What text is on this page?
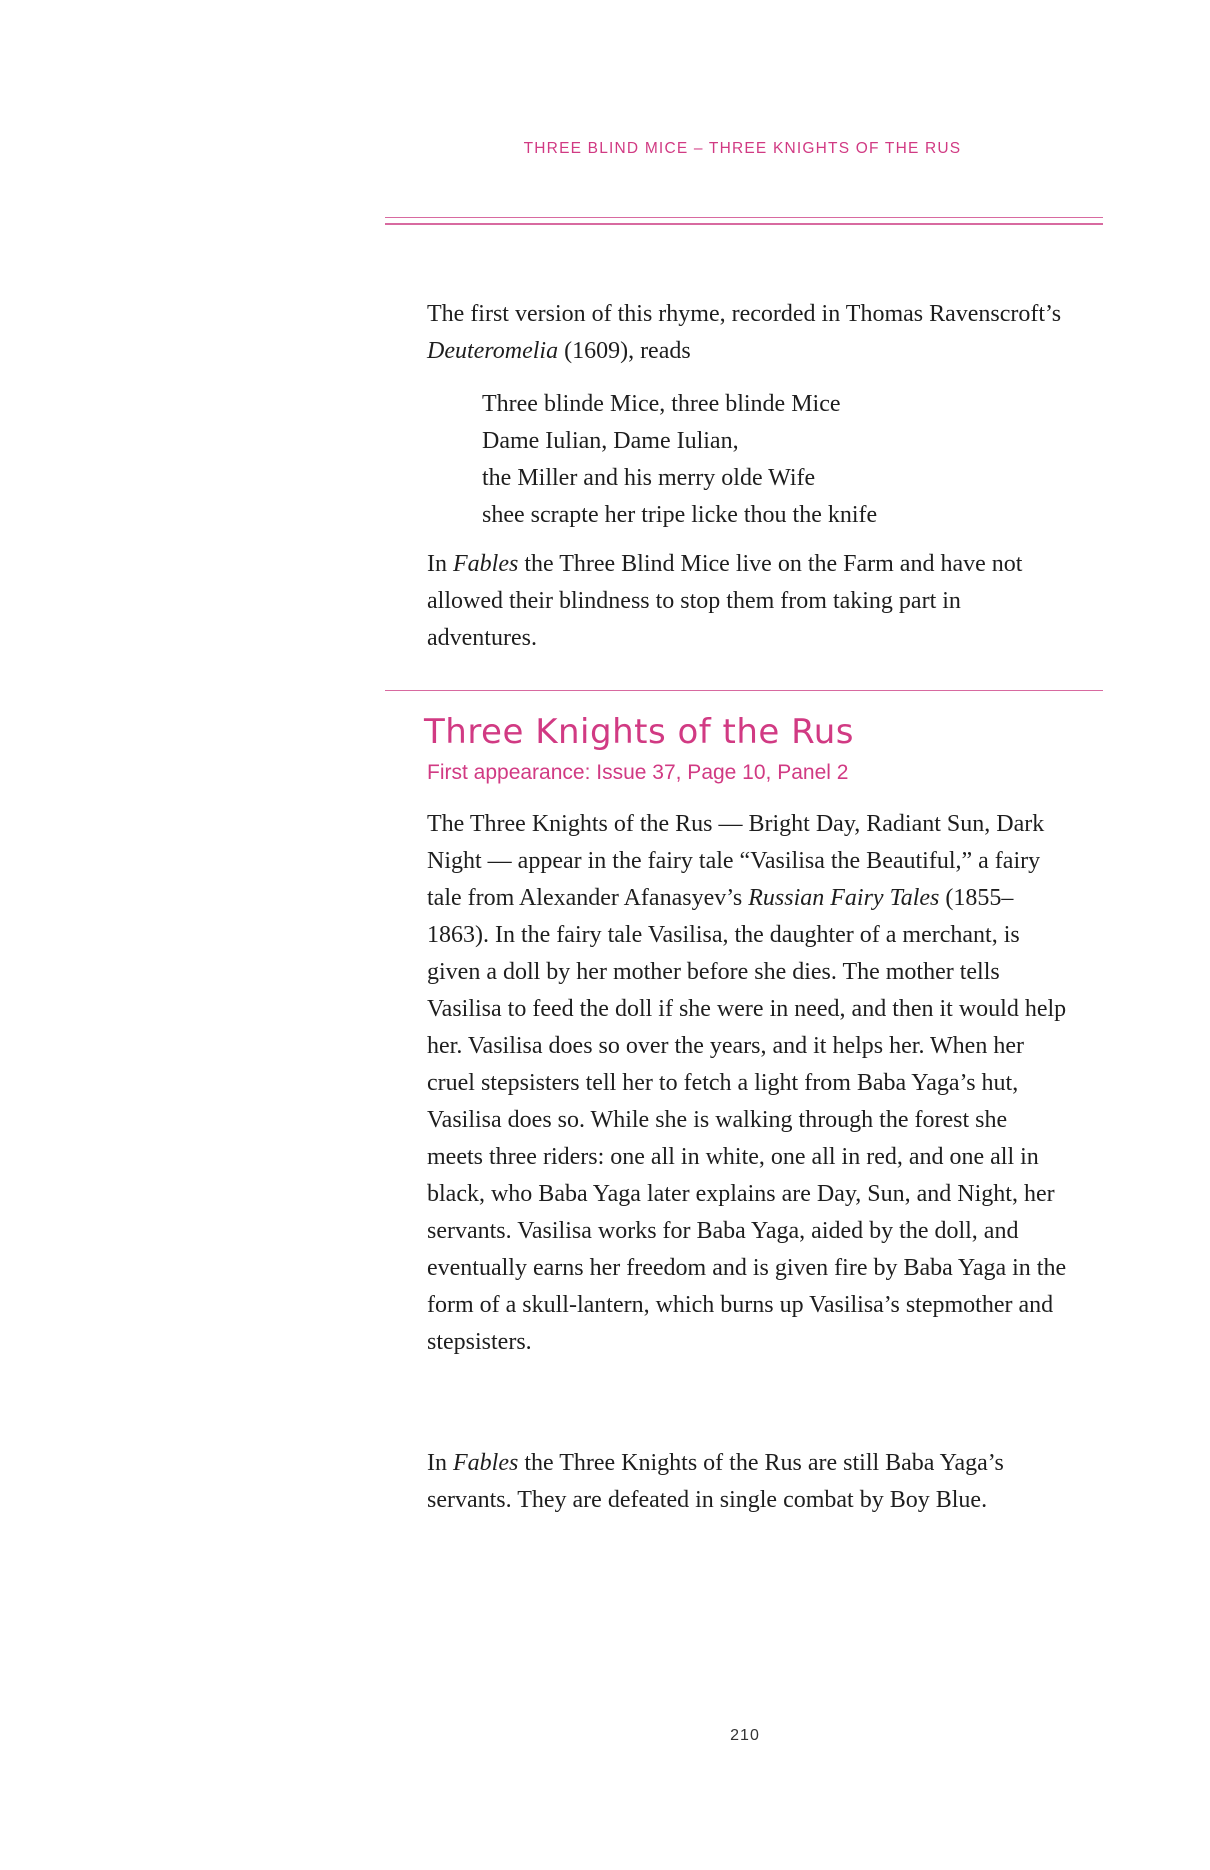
THREE BLIND MICE – THREE KNIGHTS OF THE RUS

The first version of this rhyme, recorded in Thomas Ravenscroft’s Deuteromelia (1609), reads

Three blinde Mice, three blinde Mice
Dame Iulian, Dame Iulian,
the Miller and his merry olde Wife
shee scrapte her tripe licke thou the knife

In Fables the Three Blind Mice live on the Farm and have not allowed their blindness to stop them from taking part in adventures.

Three Knights of the Rus
First appearance: Issue 37, Page 10, Panel 2

The Three Knights of the Rus — Bright Day, Radiant Sun, Dark Night — appear in the fairy tale “Vasilisa the Beautiful,” a fairy tale from Alexander Afanasyev’s Russian Fairy Tales (1855–1863). In the fairy tale Vasilisa, the daughter of a merchant, is given a doll by her mother before she dies. The mother tells Vasilisa to feed the doll if she were in need, and then it would help her. Vasilisa does so over the years, and it helps her. When her cruel stepsisters tell her to fetch a light from Baba Yaga’s hut, Vasilisa does so. While she is walking through the forest she meets three riders: one all in white, one all in red, and one all in black, who Baba Yaga later explains are Day, Sun, and Night, her servants. Vasilisa works for Baba Yaga, aided by the doll, and eventually earns her freedom and is given fire by Baba Yaga in the form of a skull-lantern, which burns up Vasilisa’s stepmother and stepsisters.

In Fables the Three Knights of the Rus are still Baba Yaga’s servants. They are defeated in single combat by Boy Blue.

210
